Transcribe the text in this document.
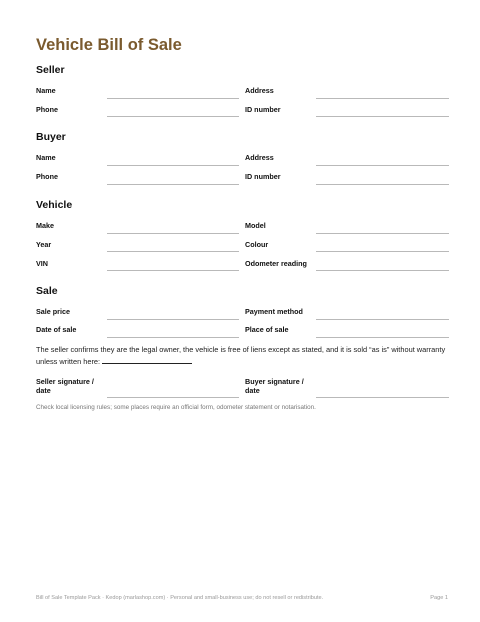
Vehicle Bill of Sale
Seller
Name	Address
Phone	ID number
Buyer
Name	Address
Phone	ID number
Vehicle
Make	Model
Year	Colour
VIN	Odometer reading
Sale
Sale price	Payment method
Date of sale	Place of sale
The seller confirms they are the legal owner, the vehicle is free of liens except as stated, and it is sold “as is” without warranty unless written here:
Seller signature /
date
Buyer signature /
date
Check local licensing rules; some places require an official form, odometer statement or notarisation.
Bill of Sale Template Pack · Kedop (marlashop.com) · Personal and small-business use; do not resell or redistribute.	Page 1
